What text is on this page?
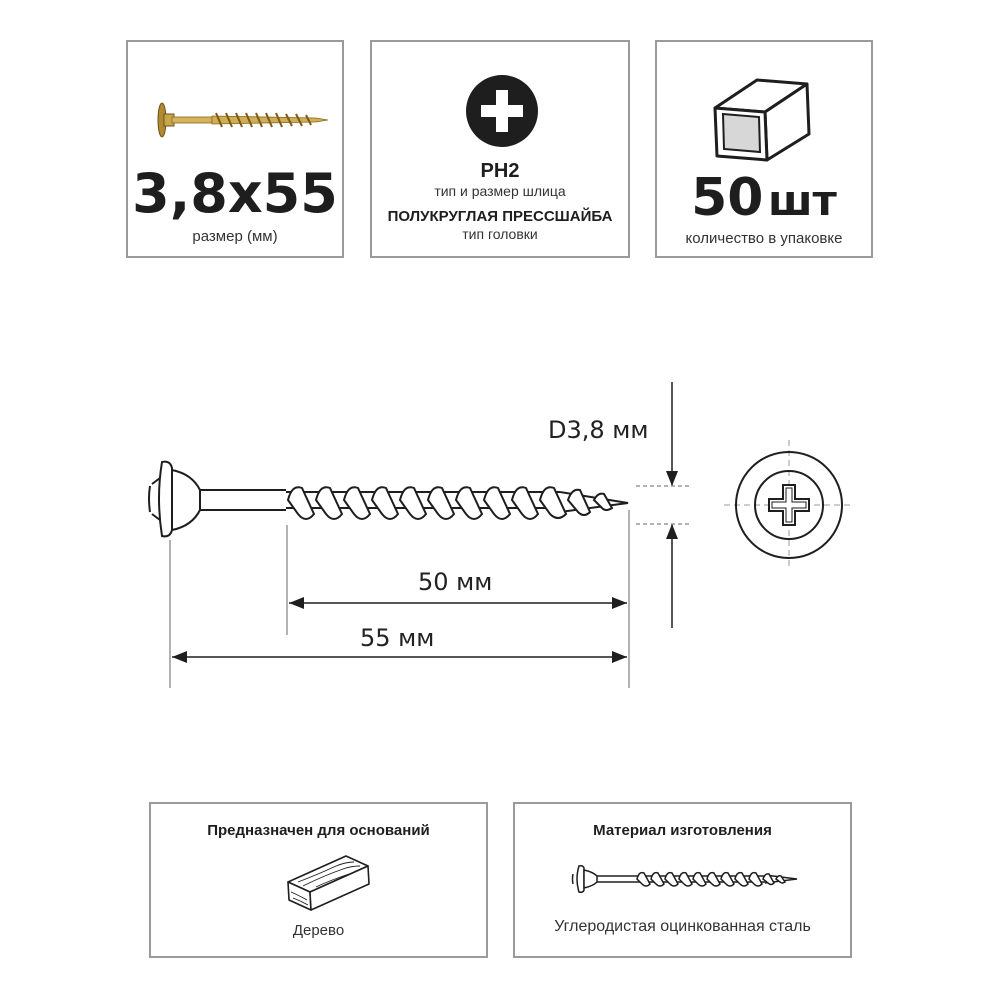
3,8x55
размер (мм)
PH2
тип и размер шлица
ПОЛУКРУГЛАЯ ПРЕССШАЙБА
тип головки
50 шт
количество в упаковке
D3,8 мм
50 мм
55 мм
Предназначен для оснований
Дерево
Материал изготовления
Углеродистая оцинкованная сталь
